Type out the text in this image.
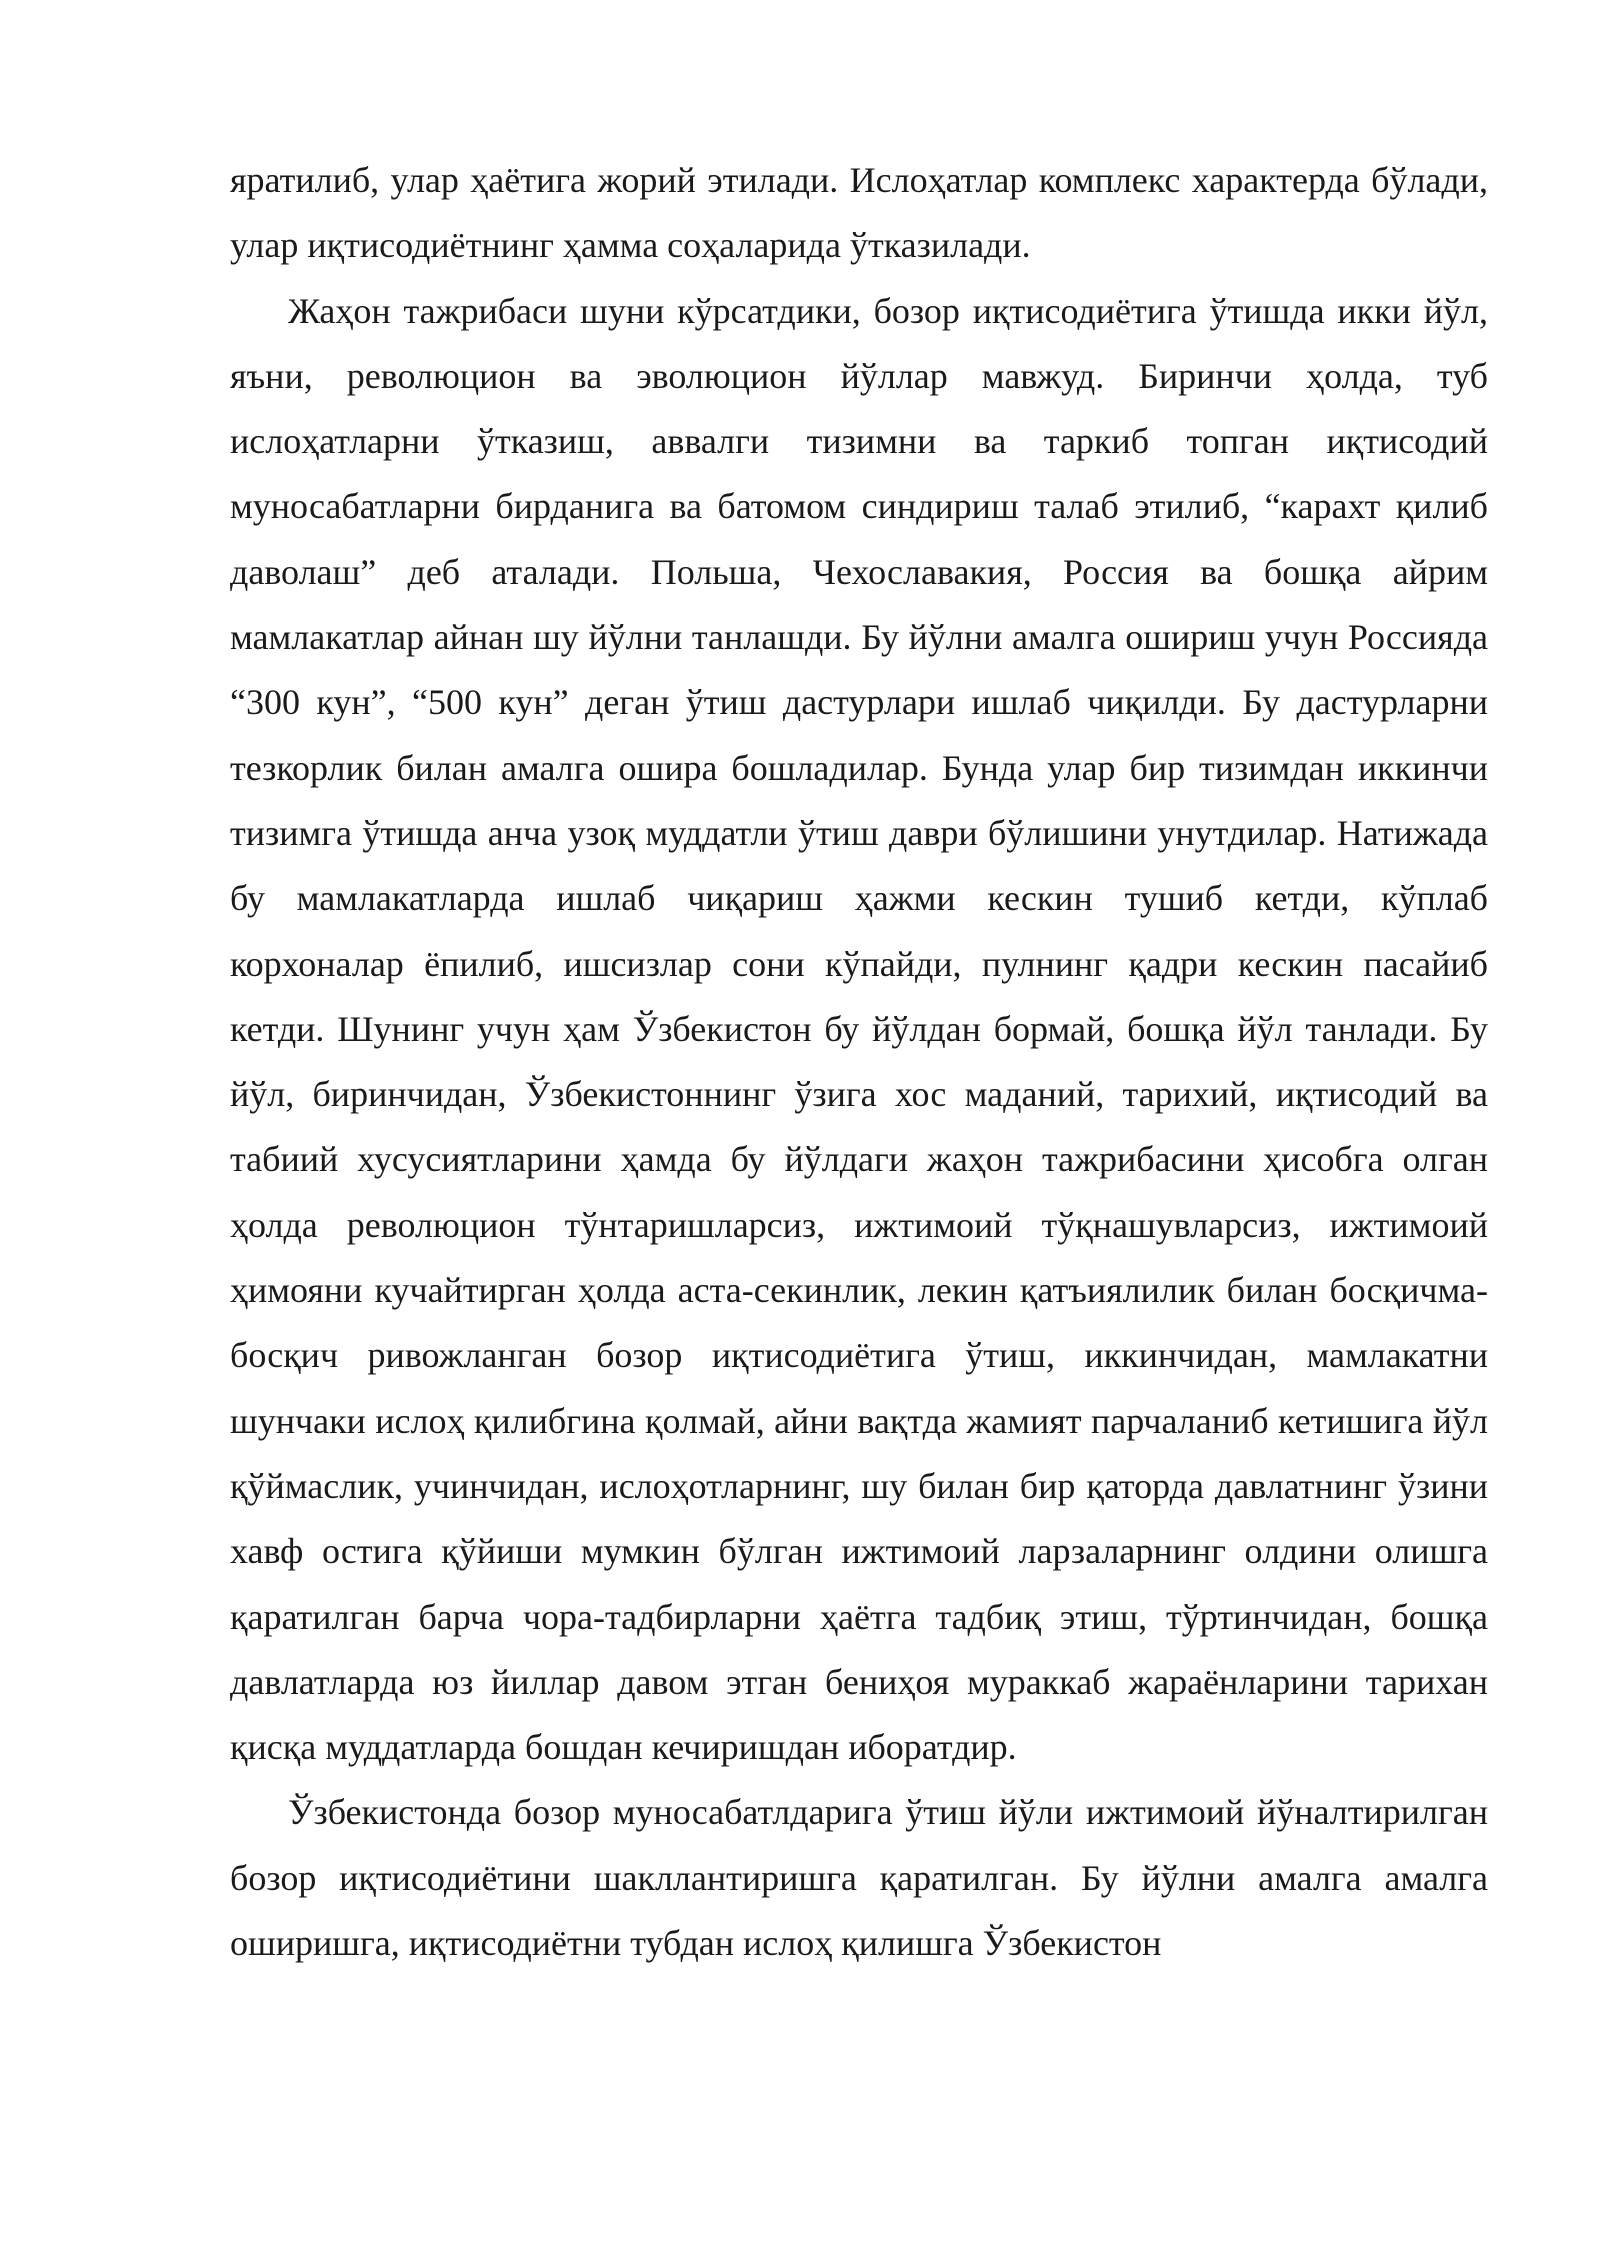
яратилиб, улар ҳаётига жорий этилади. Ислоҳатлар комплекс характерда бўлади, улар иқтисодиётнинг ҳамма соҳаларида ўтказилади.

Жаҳон тажрибаси шуни кўрсатдики, бозор иқтисодиётига ўтишда икки йўл, яъни, революцион ва эволюцион йўллар мавжуд. Биринчи ҳолда, туб ислоҳатларни ўтказиш, аввалги тизимни ва таркиб топган иқтисодий муносабатларни бирданига ва батомом синдириш талаб этилиб, “карахт қилиб даволаш” деб аталади. Польша, Чехославакия, Россия ва бошқа айрим мамлакатлар айнан шу йўлни танлашди. Бу йўлни амалга ошириш учун Россияда “300 кун”, “500 кун” деган ўтиш дастурлари ишлаб чиқилди. Бу дастурларни тезкорлик билан амалга ошира бошладилар. Бунда улар бир тизимдан иккинчи тизимга ўтишда анча узоқ муддатли ўтиш даври бўлишини унутдилар. Натижада бу мамлакатларда ишлаб чиқариш ҳажми кескин тушиб кетди, кўплаб корхоналар ёпилиб, ишсизлар сони кўпайди, пулнинг қадри кескин пасайиб кетди. Шунинг учун ҳам Ўзбекистон бу йўлдан бормай, бошқа йўл танлади. Бу йўл, биринчидан, Ўзбекистоннинг ўзига хос маданий, тарихий, иқтисодий ва табиий хусусиятларини ҳамда бу йўлдаги жаҳон тажрибасини ҳисобга олган ҳолда революцион тўнтаришларсиз, ижтимоий тўқнашувларсиз, ижтимоий ҳимояни кучайтирган ҳолда аста-секинлик, лекин қатъиялилик билан босқичма-босқич ривожланган бозор иқтисодиётига ўтиш, иккинчидан, мамлакатни шунчаки ислоҳ қилибгина қолмай, айни вақтда жамият парчаланиб кетишига йўл қўймаслик, учинчидан, ислоҳотларнинг, шу билан бир қаторда давлатнинг ўзини хавф остига қўйиши мумкин бўлган ижтимоий ларзаларнинг олдини олишга қаратилган барча чора-тадбирларни ҳаётга тадбиқ этиш, тўртинчидан, бошқа давлатларда юз йиллар давом этган бениҳоя мураккаб жараёнларини тарихан қисқа муддатларда бошдан кечиришдан иборатдир.

Ўзбекистонда бозор муносабатлдарига ўтиш йўли ижтимоий йўналтирилган бозор иқтисодиётини шакллантиришга қаратилган. Бу йўлни амалга амалга оширишга, иқтисодиётни тубдан ислоҳ қилишга Ўзбекистон
